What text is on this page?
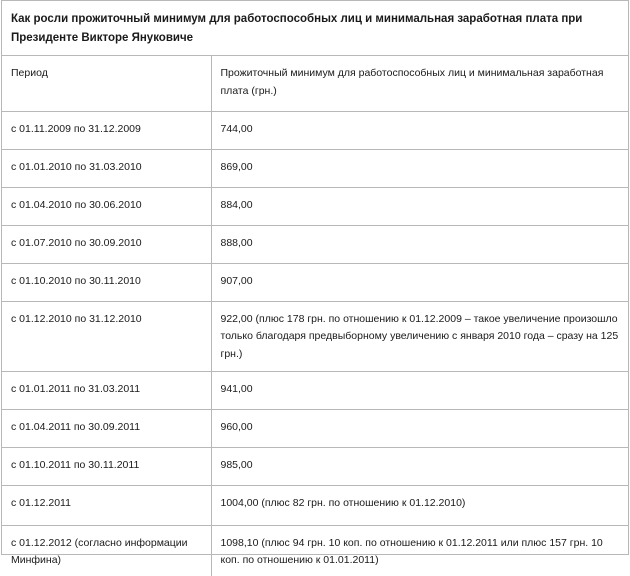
Как росли прожиточный минимум для работоспособных лиц и минимальная заработная плата при Президенте Викторе Януковиче
Период	Прожиточный минимум для работоспособных лиц и минимальная заработная плата (грн.)
с 01.11.2009 по 31.12.2009	744,00
с 01.01.2010 по 31.03.2010	869,00
с 01.04.2010 по 30.06.2010	884,00
с 01.07.2010 по 30.09.2010	888,00
с 01.10.2010 по 30.11.2010	907,00
с 01.12.2010 по 31.12.2010	922,00 (плюс 178 грн. по отношению к 01.12.2009 – такое увеличение произошло только благодаря предвыборному увеличению с января 2010 года – сразу на 125 грн.)
с 01.01.2011 по 31.03.2011	941,00
с 01.04.2011 по 30.09.2011	960,00
с 01.10.2011 по 30.11.2011	985,00
с 01.12.2011	1004,00 (плюс 82 грн. по отношению к 01.12.2010)
с 01.12.2012 (согласно информации Минфина)	1098,10 (плюс 94 грн. 10 коп. по отношению к 01.12.2011 или плюс 157 грн. 10 коп. по отношению к 01.01.2011)
